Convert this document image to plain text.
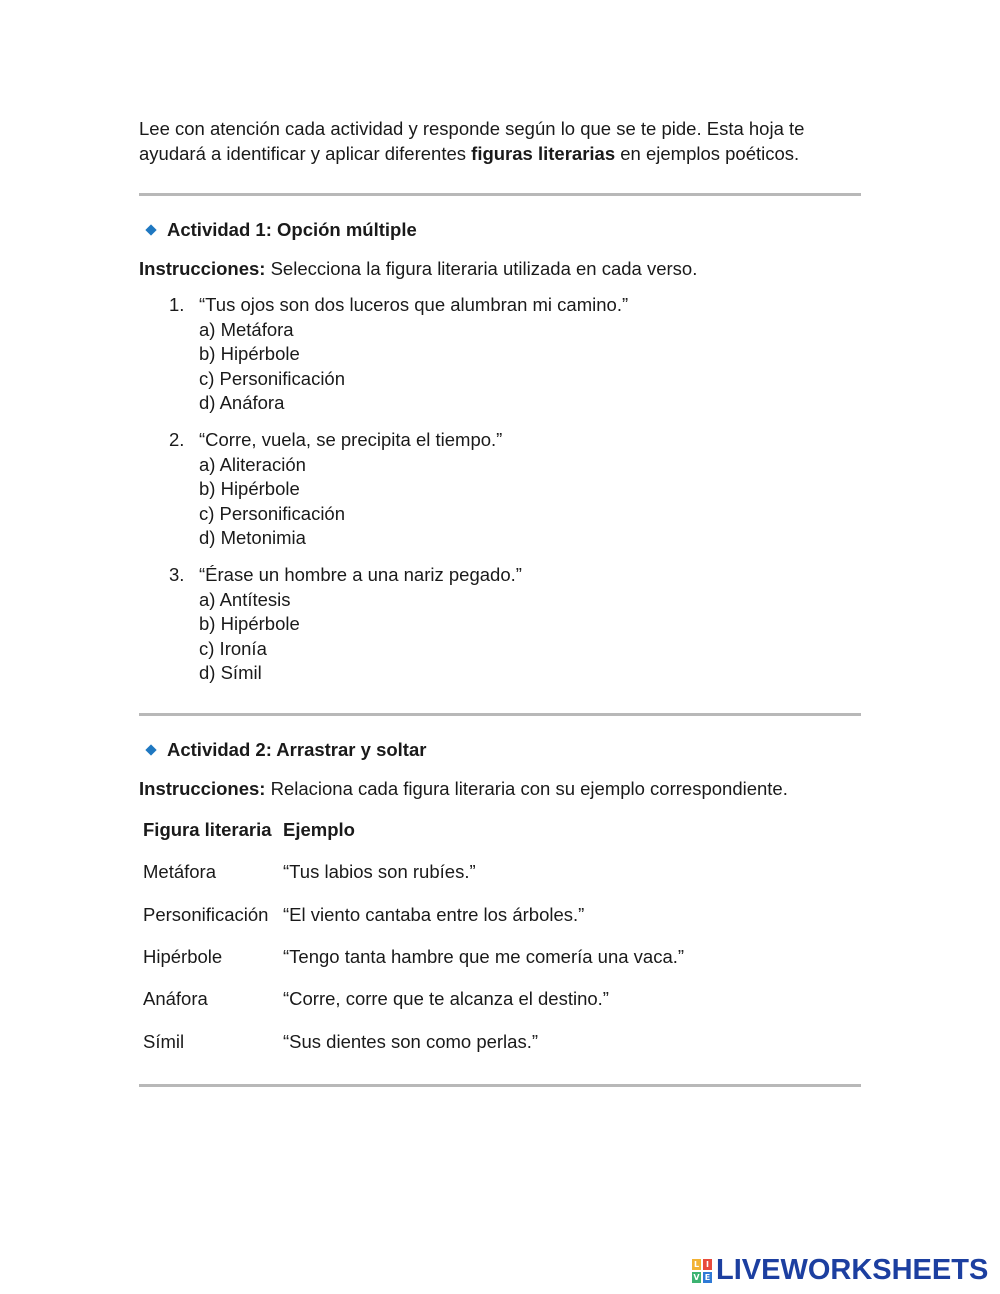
Lee con atención cada actividad y responde según lo que se te pide. Esta hoja te ayudará a identificar y aplicar diferentes figuras literarias en ejemplos poéticos.
Actividad 1: Opción múltiple
Instrucciones: Selecciona la figura literaria utilizada en cada verso.
1. “Tus ojos son dos luceros que alumbran mi camino.”
a) Metáfora
b) Hipérbole
c) Personificación
d) Anáfora
2. “Corre, vuela, se precipita el tiempo.”
a) Aliteración
b) Hipérbole
c) Personificación
d) Metonimia
3. “Érase un hombre a una nariz pegado.”
a) Antítesis
b) Hipérbole
c) Ironía
d) Símil
Actividad 2: Arrastrar y soltar
Instrucciones: Relaciona cada figura literaria con su ejemplo correspondiente.
Figura literaria Ejemplo
Metáfora	“Tus labios son rubíes.”
Personificación “El viento cantaba entre los árboles.”
Hipérbole	“Tengo tanta hambre que me comería una vaca.”
Anáfora	“Corre, corre que te alcanza el destino.”
Símil	“Sus dientes son como perlas.”
L I
V E LIVEWORKSHEETS
